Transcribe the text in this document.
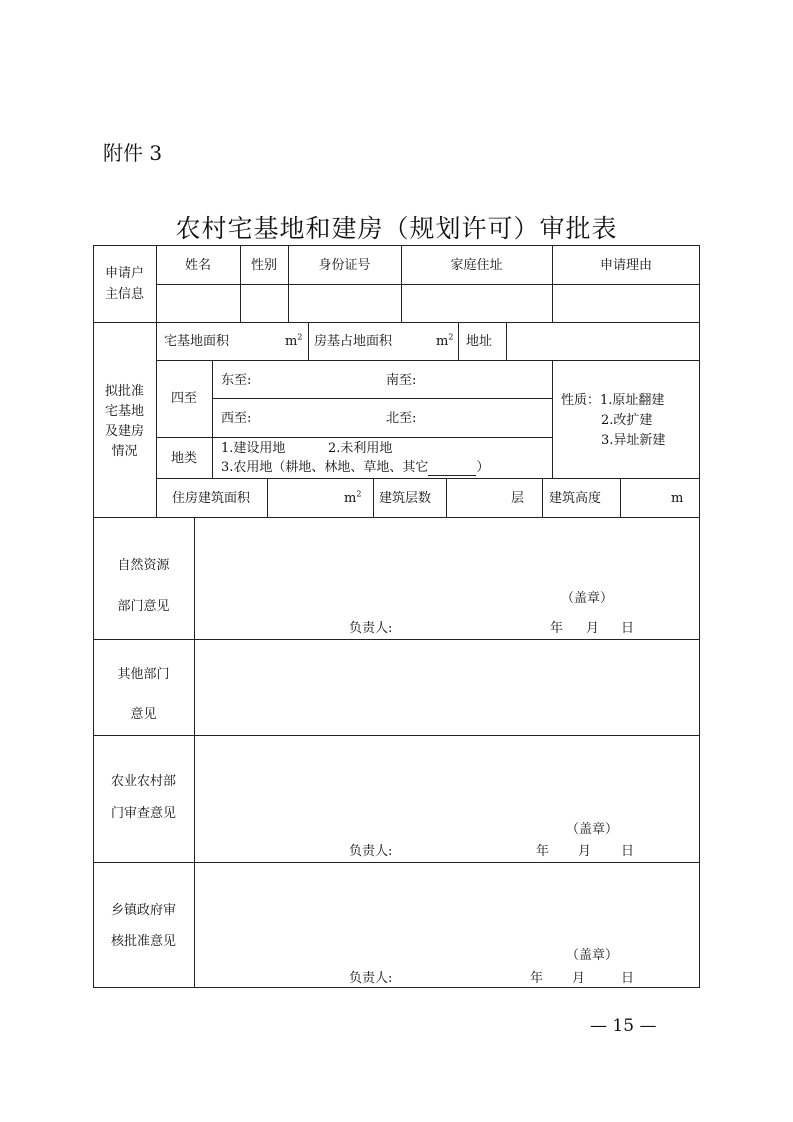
附件 3
农村宅基地和建房（规划许可）审批表
申请户
主信息
姓名	性别	身份证号	家庭住址	申请理由
拟批准
宅基地
及建房
情况
宅基地面积	$m^2$ 房基占地面积	$m^2$ 地址
四至
东至:	南至:
西至:	北至:
性质：1.原址翻建
2.改扩建
3.异址新建
地类
1.建设用地	2.未利用地
3.农用地（耕地、林地、草地、其它	）
住房建筑面积	$m^2$ 建筑层数	层 建筑高度	m
自然资源
部门意见
（盖章）
负责人:	年 月 日
其他部门
意见
农业农村部
门审查意见
（盖章）
负责人:	年 月 日
乡镇政府审
核批准意见
（盖章）
负责人:	年 月	日
— 15 —
